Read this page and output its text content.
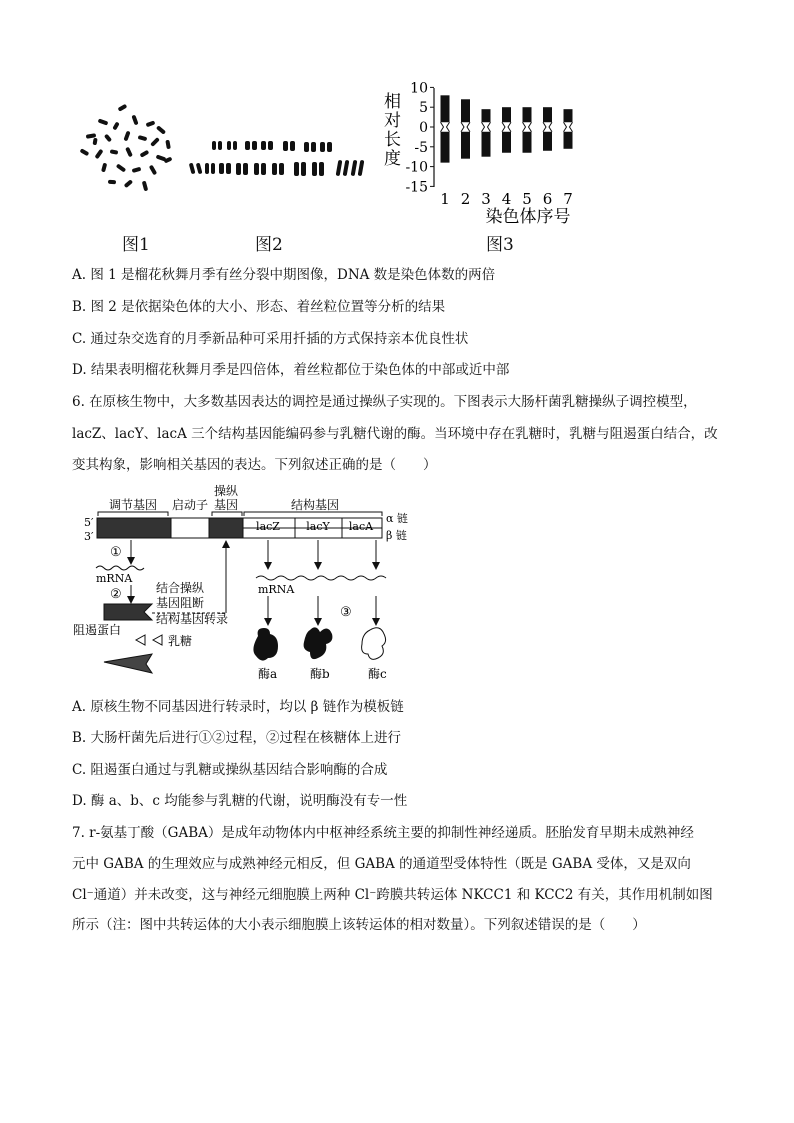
10
5
0
-5
-10
-15
相对长度
1 2 3 4 5 6 7
染色体序号
图1	图2	图3
A. 图 1 是榴花秋舞月季有丝分裂中期图像，DNA 数是染色体数的两倍
B. 图 2 是依据染色体的大小、形态、着丝粒位置等分析的结果
C. 通过杂交选育的月季新品种可采用扦插的方式保持亲本优良性状
D. 结果表明榴花秋舞月季是四倍体，着丝粒都位于染色体的中部或近中部
6. 在原核生物中，大多数基因表达的调控是通过操纵子实现的。下图表示大肠杆菌乳糖操纵子调控模型，
lacZ、lacY、lacA 三个结构基因能编码参与乳糖代谢的酶。当环境中存在乳糖时，乳糖与阻遏蛋白结合，改
变其构象，影响相关基因的表达。下列叙述正确的是（　　）
调节基因 启动子
操纵
基因	结构基因
5′
3′
α 链
β 链
lacZ lacY lacA
①
mRNA
②
阻遏蛋白
结合操纵
基因阻断
结构基因转录
乳糖
mRNA
③
酶a	酶b	酶c
A. 原核生物不同基因进行转录时，均以 β 链作为模板链
B. 大肠杆菌先后进行①②过程，②过程在核糖体上进行
C. 阻遏蛋白通过与乳糖或操纵基因结合影响酶的合成
D. 酶 a、b、c 均能参与乳糖的代谢，说明酶没有专一性
7. r-氨基丁酸（GABA）是成年动物体内中枢神经系统主要的抑制性神经递质。胚胎发育早期未成熟神经
元中 GABA 的生理效应与成熟神经元相反，但 GABA 的通道型受体特性（既是 GABA 受体，又是双向
Cl⁻通道）并未改变，这与神经元细胞膜上两种 Cl⁻跨膜共转运体 NKCC1 和 KCC2 有关，其作用机制如图
所示（注：图中共转运体的大小表示细胞膜上该转运体的相对数量）。下列叙述错误的是（　　）
